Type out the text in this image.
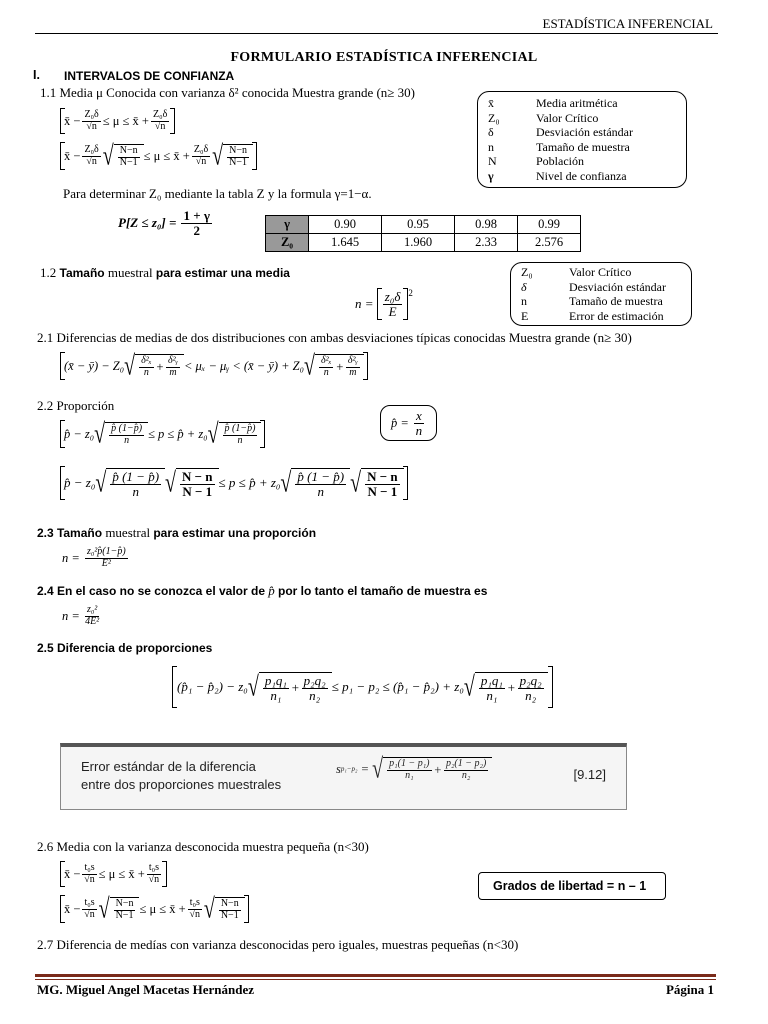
ESTADÍSTICA INFERENCIAL
FORMULARIO ESTADÍSTICA INFERENCIAL
I. INTERVALOS DE CONFIANZA
1.1 Media μ Conocida con varianza δ² conocida Muestra grande (n≥ 30)
x̄ − $\frac{\text{Z₀δ}}{√n} \le \mu$ ≤ x̄ + $\frac{\text{Z₀δ}}{√n}$
x̄ − $\frac{\text{Z₀δ}}{√n}$ √ $\frac{N-n}{N-1} \le \mu$ ≤ x̄ + $\frac{\text{Z₀δ}}{√n}$ √ $\frac{N-n}{N-1}$
x̄	Media aritmética
Z₀	Valor Crítico
δ	Desviación estándar
n	Tamaño de muestra
N	Población
γ	Nivel de confianza
Para determinar Z₀ mediante la tabla Z y la formula γ=1−α.
$P[Z \le z_0] = \frac{1 + \gamma}{2}$	γ	0.90	0.95	0.98	0.99
Z₀	1.645	1.960	2.33	2.576
1.2 Tamaño muestral para estimar una media
n =
$\frac{\text{z₀δ}}{E} ^2$
Z₀	Valor Crítico
δ	Desviación estándar
n	Tamaño de muestra
E	Error de estimación
2.1 Diferencias de medias de dos distribuciones con ambas desviaciones típicas conocidas Muestra grande (n≥ 30)
(x̄ − ȳ) − Z₀ √ $\frac{\text{δ²ₓ}}{n} + \frac{\text{δ²ᵧ}}{m} < \mu_x$ − μᵧ < (x̄ − ȳ) + Z₀ √ $\frac{\text{δ²ₓ}}{n} + \frac{\text{δ²ᵧ}}{m}$
2.2 Proporción
p̂ − z₀ √ $\frac{p̂ (1-p̂)}{n} \le p$ ≤ p̂ + z₀ √ $\frac{p̂ (1-p̂)}{n}$
p̂ = $\frac{x}{n}$
p̂ − z₀ √ $\frac{p̂ (1 - p̂)}{n}$ √ $\frac{N - n}{N - 1} \le p$ ≤ p̂ + z₀ √ $\frac{p̂ (1 - p̂)}{n}$ √ $\frac{N - n}{N - 1}$
2.3 Tamaño muestral para estimar una proporción
$n = \frac{\text{z₀²p̂(1−p̂)}}{\text{E²}}$
2.4 En el caso no se conozca el valor de p̂ por lo tanto el tamaño de muestra es
$n = \frac{\text{z₀²}}{\text{4E²}}$
2.5 Diferencia de proporciones
(p̂₁ − p̂₂) − z₀ √ $\frac{\text{p₁q₁}}{\text{n₁}} + \frac{\text{p₂q₂}}{\text{n₂}} \le p_1 - p_2$ ≤ (p̂₁ − p̂₂) + z₀ √ $\frac{\text{p₁q₁}}{\text{n₁}} + \frac{\text{p₂q₂}}{\text{n₂}}$
Error estándar de la diferencia
entre dos proporciones muestrales
s p₁−p₂ = √ $\frac{\text{p₁(1 − p₁)}}{\text{n₁}} + \frac{\text{p₂(1 − p₂)}}{\text{n₂}}$	[9.12]
2.6 Media con la varianza desconocida muestra pequeña (n<30)
x̄ − $\frac{\text{t₀s}}{√n} \le \mu$ ≤ x̄ + $\frac{\text{t₀s}}{√n}$
x̄ − $\frac{\text{t₀s}}{√n}$ √ $\frac{N-n}{N-1} \le \mu$ ≤ x̄ + $\frac{\text{t₀s}}{√n}$ √ $\frac{N-n}{N-1}$
Grados de libertad = n – 1
2.7 Diferencia de medías con varianza desconocidas pero iguales, muestras pequeñas (n<30)
MG. Miguel Angel Macetas Hernández	Página 1
